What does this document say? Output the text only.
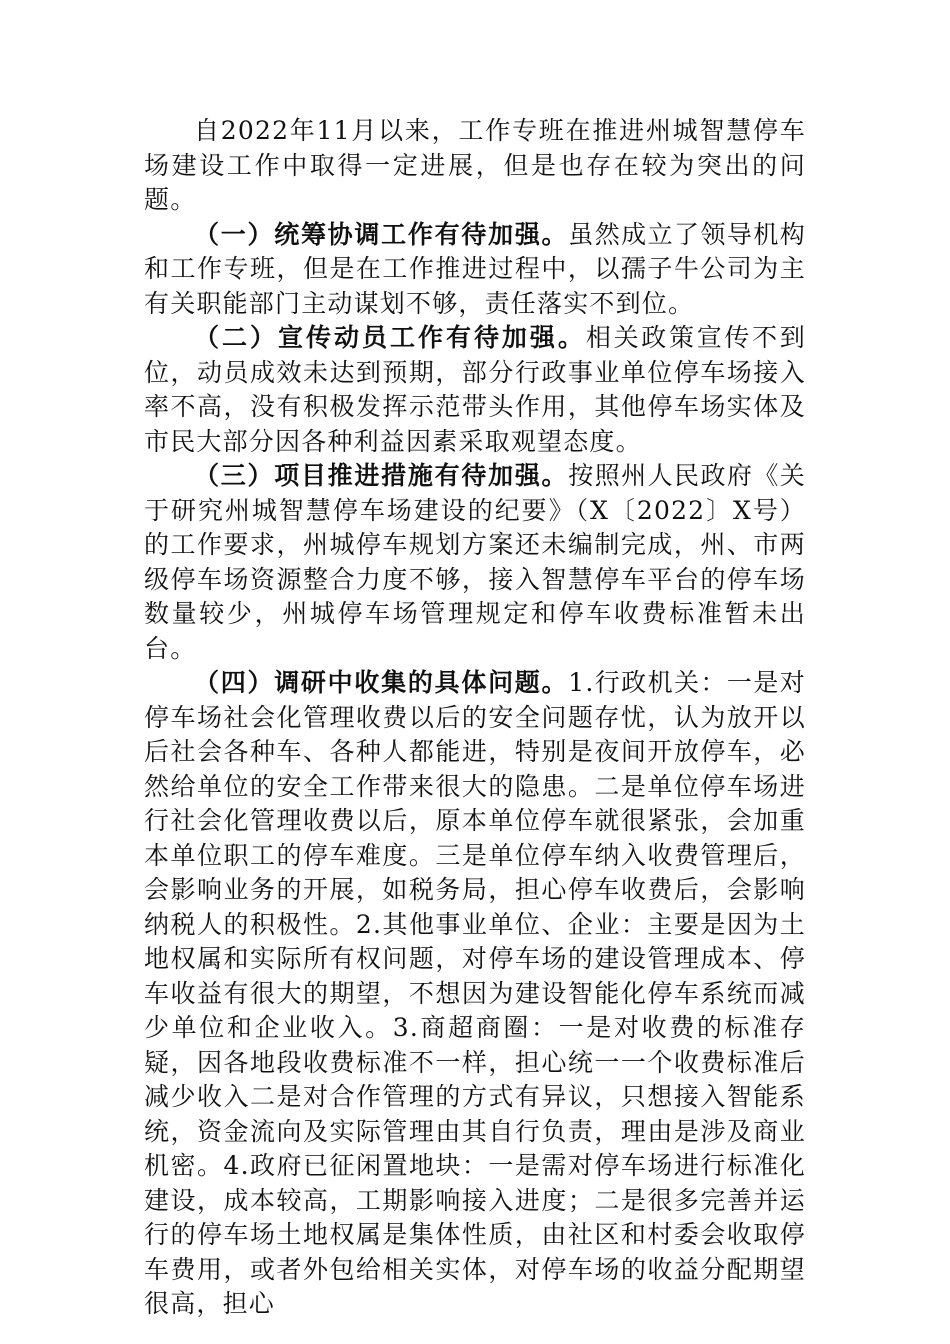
自2022年11月以来，工作专班在推进州城智慧停车场建设工作中取得一定进展，但是也存在较为突出的问题。

（一）统筹协调工作有待加强。虽然成立了领导机构和工作专班，但是在工作推进过程中，以孺子牛公司为主有关职能部门主动谋划不够，责任落实不到位。

（二）宣传动员工作有待加强。相关政策宣传不到位，动员成效未达到预期，部分行政事业单位停车场接入率不高，没有积极发挥示范带头作用，其他停车场实体及市民大部分因各种利益因素采取观望态度。

（三）项目推进措施有待加强。按照州人民政府《关于研究州城智慧停车场建设的纪要》（X〔2022〕X号）的工作要求，州城停车规划方案还未编制完成，州、市两级停车场资源整合力度不够，接入智慧停车平台的停车场数量较少，州城停车场管理规定和停车收费标准暂未出台。

（四）调研中收集的具体问题。1.行政机关：一是对停车场社会化管理收费以后的安全问题存忧，认为放开以后社会各种车、各种人都能进，特别是夜间开放停车，必然给单位的安全工作带来很大的隐患。二是单位停车场进行社会化管理收费以后，原本单位停车就很紧张，会加重本单位职工的停车难度。三是单位停车纳入收费管理后，会影响业务的开展，如税务局，担心停车收费后，会影响纳税人的积极性。2.其他事业单位、企业：主要是因为土地权属和实际所有权问题，对停车场的建设管理成本、停车收益有很大的期望，不想因为建设智能化停车系统而减少单位和企业收入。3.商超商圈：一是对收费的标准存疑，因各地段收费标准不一样，担心统一一个收费标准后减少收入二是对合作管理的方式有异议，只想接入智能系统，资金流向及实际管理由其自行负责，理由是涉及商业机密。4.政府已征闲置地块：一是需对停车场进行标准化建设，成本较高，工期影响接入进度；二是很多完善并运行的停车场土地权属是集体性质，由社区和村委会收取停车费用，或者外包给相关实体，对停车场的收益分配期望很高，担心
